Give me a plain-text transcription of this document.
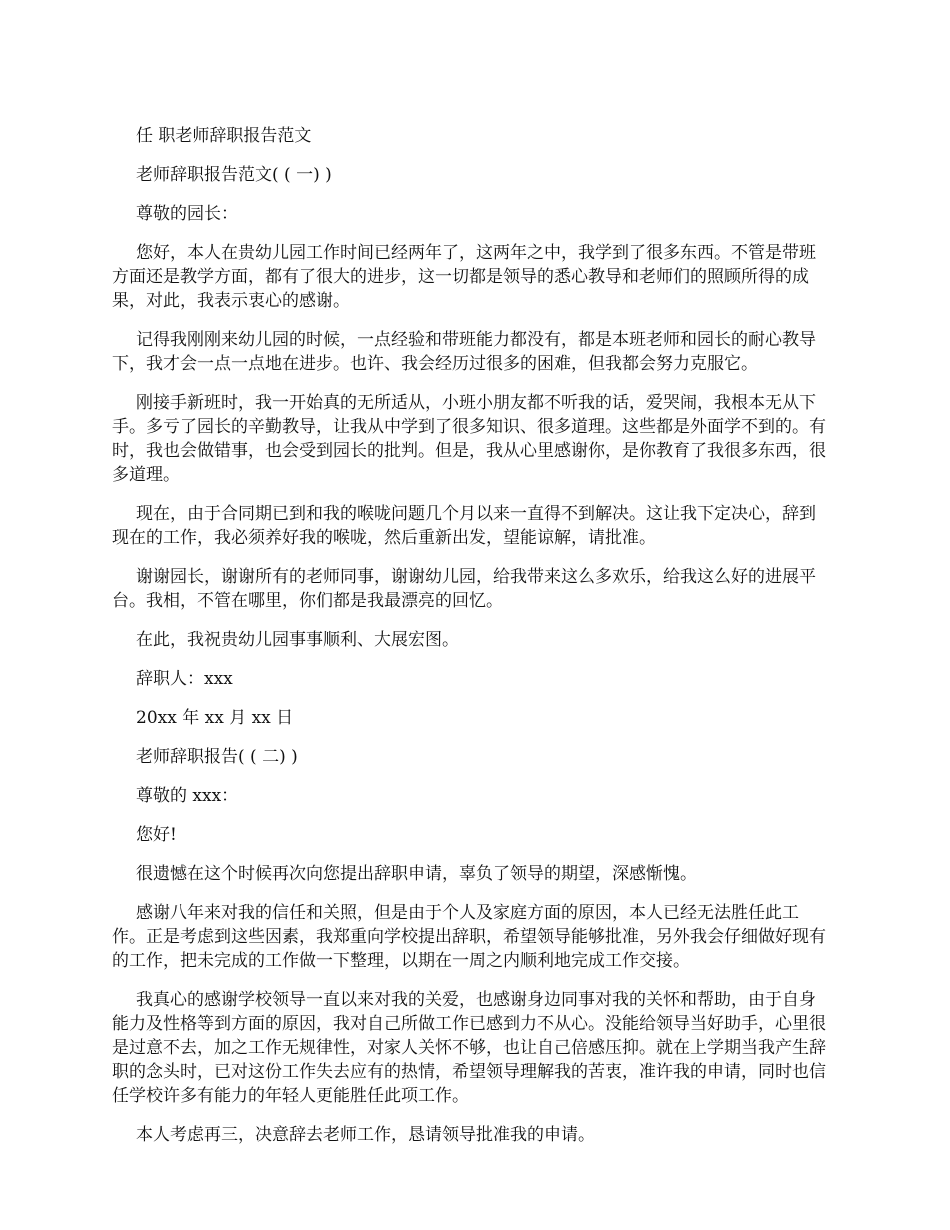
任 职老师辞职报告范文

老师辞职报告范文( ( 一) )

尊敬的园长：

您好，本人在贵幼儿园工作时间已经两年了，这两年之中，我学到了很多东西。不管是带班方面还是教学方面，都有了很大的进步，这一切都是领导的悉心教导和老师们的照顾所得的成果，对此，我表示衷心的感谢。

记得我刚刚来幼儿园的时候，一点经验和带班能力都没有，都是本班老师和园长的耐心教导下，我才会一点一点地在进步。也许、我会经历过很多的困难，但我都会努力克服它。

刚接手新班时，我一开始真的无所适从，小班小朋友都不听我的话，爱哭闹，我根本无从下手。多亏了园长的辛勤教导，让我从中学到了很多知识、很多道理。这些都是外面学不到的。有时，我也会做错事，也会受到园长的批判。但是，我从心里感谢你，是你教育了我很多东西，很多道理。

现在，由于合同期已到和我的喉咙问题几个月以来一直得不到解决。这让我下定决心，辞到现在的工作，我必须养好我的喉咙，然后重新出发，望能谅解，请批准。

谢谢园长，谢谢所有的老师同事，谢谢幼儿园，给我带来这么多欢乐，给我这么好的进展平台。我相，不管在哪里，你们都是我最漂亮的回忆。

在此，我祝贵幼儿园事事顺利、大展宏图。

辞职人：xxx

20xx 年 xx 月 xx 日

老师辞职报告( ( 二) )

尊敬的 xxx：

您好!

很遗憾在这个时候再次向您提出辞职申请，辜负了领导的期望，深感惭愧。

感谢八年来对我的信任和关照，但是由于个人及家庭方面的原因，本人已经无法胜任此工作。正是考虑到这些因素，我郑重向学校提出辞职，希望领导能够批准，另外我会仔细做好现有的工作，把未完成的工作做一下整理，以期在一周之内顺利地完成工作交接。

我真心的感谢学校领导一直以来对我的关爱，也感谢身边同事对我的关怀和帮助，由于自身能力及性格等到方面的原因，我对自己所做工作已感到力不从心。没能给领导当好助手，心里很是过意不去，加之工作无规律性，对家人关怀不够，也让自己倍感压抑。就在上学期当我产生辞职的念头时，已对这份工作失去应有的热情，希望领导理解我的苦衷，准许我的申请，同时也信任学校许多有能力的年轻人更能胜任此项工作。

本人考虑再三，决意辞去老师工作，恳请领导批准我的申请。
